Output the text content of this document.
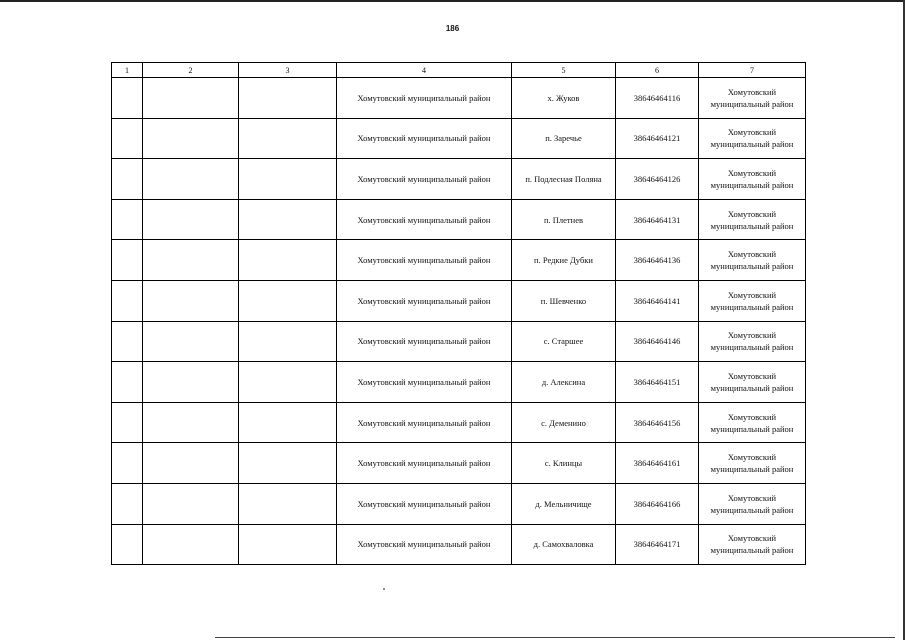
186
1	2	3	4	5	6	7
			Хомутовский муниципальный район	х. Жуков	38646464116	Хомутовский муниципальный район
			Хомутовский муниципальный район	п. Заречье	38646464121	Хомутовский муниципальный район
			Хомутовский муниципальный район	п. Подлесная Поляна	38646464126	Хомутовский муниципальный район
			Хомутовский муниципальный район	п. Плетнев	38646464131	Хомутовский муниципальный район
			Хомутовский муниципальный район	п. Редкие Дубки	38646464136	Хомутовский муниципальный район
			Хомутовский муниципальный район	п. Шевченко	38646464141	Хомутовский муниципальный район
			Хомутовский муниципальный район	с. Старшее	38646464146	Хомутовский муниципальный район
			Хомутовский муниципальный район	д. Алексина	38646464151	Хомутовский муниципальный район
			Хомутовский муниципальный район	с. Деменино	38646464156	Хомутовский муниципальный район
			Хомутовский муниципальный район	с. Клинцы	38646464161	Хомутовский муниципальный район
			Хомутовский муниципальный район	д. Мельничище	38646464166	Хомутовский муниципальный район
			Хомутовский муниципальный район	д. Самохваловка	38646464171	Хомутовский муниципальный район
